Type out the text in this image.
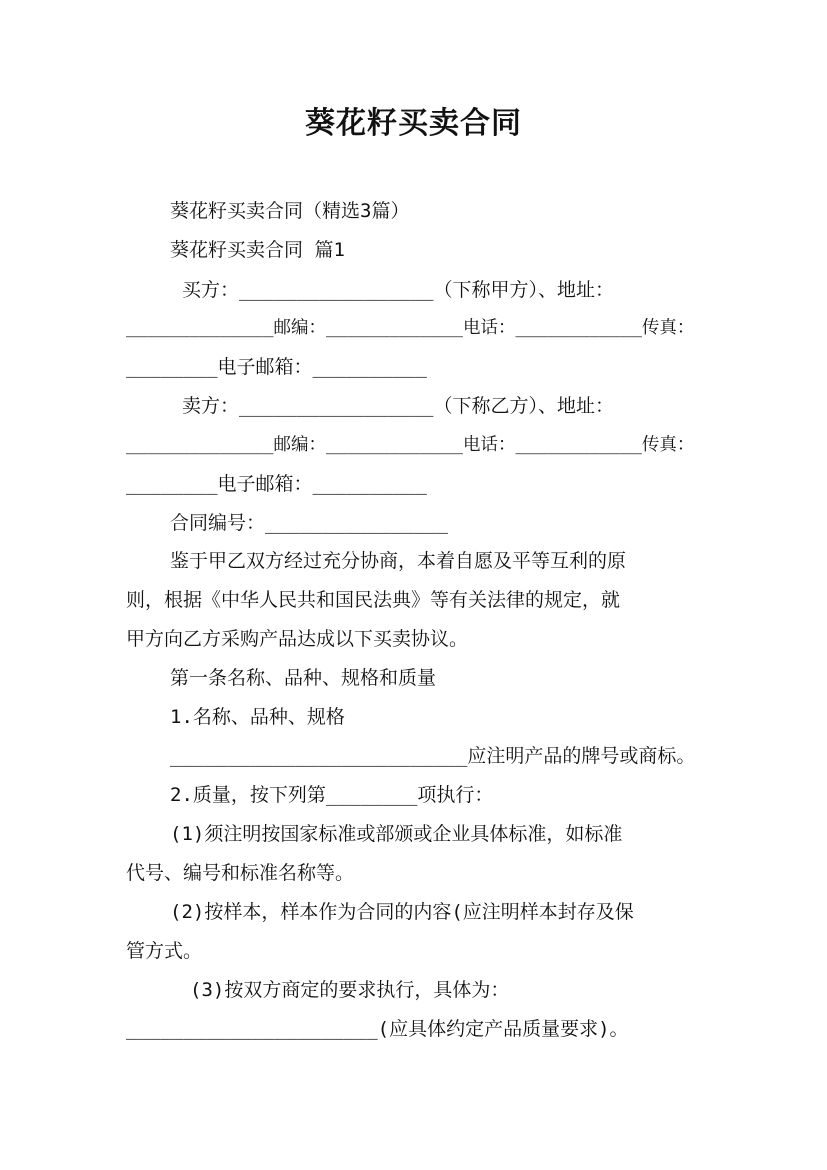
葵花籽买卖合同
葵花籽买卖合同（精选3篇）
葵花籽买卖合同 篇1
买方：_________________（下称甲方）、地址：
______________邮编：_____________电话：____________传真：
________电子邮箱：__________
卖方：_________________（下称乙方）、地址：
______________邮编：_____________电话：____________传真：
________电子邮箱：__________
合同编号：________________
鉴于甲乙双方经过充分协商，本着自愿及平等互利的原
则，根据《中华人民共和国民法典》等有关法律的规定，就
甲方向乙方采购产品达成以下买卖协议。
第一条名称、品种、规格和质量
1.名称、品种、规格
__________________________应注明产品的牌号或商标。
2.质量，按下列第________项执行：
(1)须注明按国家标准或部颁或企业具体标准，如标准
代号、编号和标准名称等。
(2)按样本，样本作为合同的内容(应注明样本封存及保
管方式。
(3)按双方商定的要求执行，具体为：
______________________(应具体约定产品质量要求)。
